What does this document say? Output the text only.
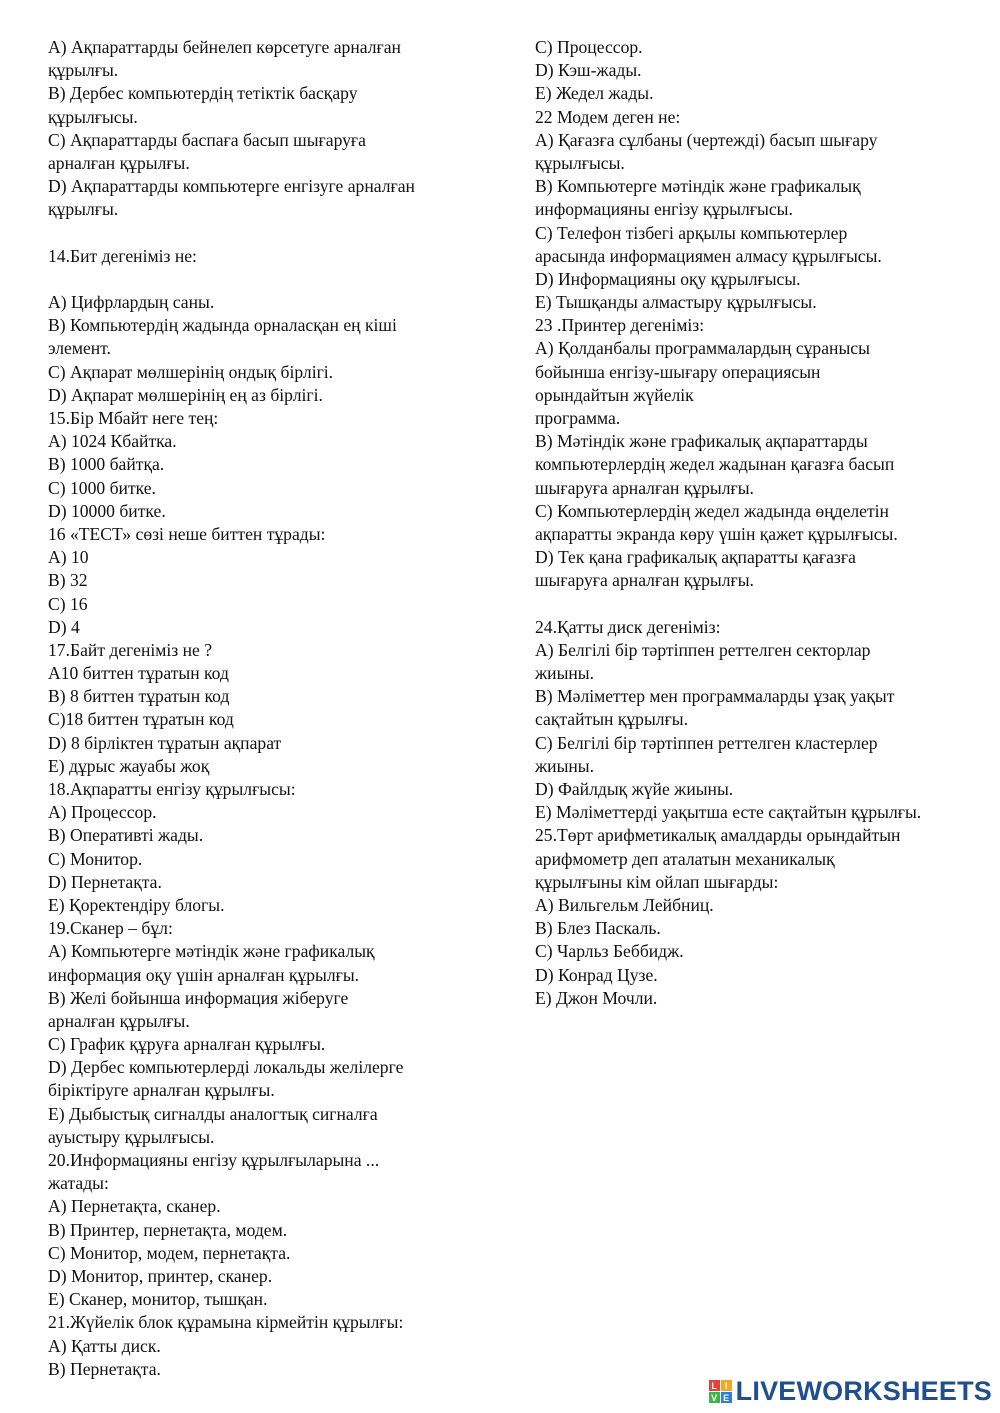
A) Ақпараттарды бейнелеп көрсетуге арналған
құрылғы.
B) Дербес компьютердің тетіктік басқару
құрылғысы.
C) Ақпараттарды баспаға басып шығаруға
арналған құрылғы.
D) Ақпараттарды компьютерге енгізуге арналған
құрылғы.
14.Бит дегеніміз не:
A) Цифрлардың саны.
B) Компьютердің жадында орналасқан ең кіші
элемент.
C) Ақпарат мөлшерінің ондық бірлігі.
D) Ақпарат мөлшерінің ең аз бірлігі.
15.Бір Мбайт неге тең:
A) 1024 Кбайтка.
B) 1000 байтқа.
C) 1000 битке.
D) 10000 битке.
16 «ТЕСТ» сөзі неше биттен тұрады:
A) 10
B) 32
C) 16
D) 4
17.Байт дегеніміз не ?
A10 биттен тұратын код
B) 8 биттен тұратын код
C)18 биттен тұратын код
D) 8 бірліктен тұратын ақпарат
E) дұрыс жауабы жоқ
18.Ақпаратты енгізу құрылғысы:
A) Процессор.
B) Оперативті жады.
C) Монитор.
D) Пернетақта.
E) Қоректендіру блогы.
19.Сканер – бұл:
A) Компьютерге мәтіндік және графикалық
информация оқу үшін арналған құрылғы.
B) Желі бойынша информация жіберуге
арналған құрылғы.
C) График құруға арналған құрылғы.
D) Дербес компьютерлерді локальды желілерге
біріктіруге арналған құрылғы.
E) Дыбыстық сигналды аналогтық сигналға
ауыстыру құрылғысы.
20.Информацияны енгізу құрылғыларына ...
жатады:
A) Пернетақта, сканер.
B) Принтер, пернетақта, модем.
C) Монитор, модем, пернетақта.
D) Монитор, принтер, сканер.
E) Сканер, монитор, тышқан.
21.Жүйелік блок құрамына кірмейтін құрылғы:
A) Қатты диск.
B) Пернетақта.
C) Процессор.
D) Кэш-жады.
E) Жедел жады.
22 Модем деген не:
A) Қағазға сұлбаны (чертежді) басып шығару
құрылғысы.
B) Компьютерге мәтіндік және графикалық
информацияны енгізу құрылғысы.
C) Телефон тізбегі арқылы компьютерлер
арасында информациямен алмасу құрылғысы.
D) Информацияны оқу құрылғысы.
E) Тышқанды алмастыру құрылғысы.
23 .Принтер дегеніміз:
A) Қолданбалы программалардың сұранысы
бойынша енгізу-шығару операциясын
орындайтын жүйелік
программа.
B) Мәтіндік және графикалық ақпараттарды
компьютерлердің жедел жадынан қағазға басып
шығаруға арналған құрылғы.
C) Компьютерлердің жедел жадында өңделетін
ақпаратты экранда көру үшін қажет құрылғысы.
D) Тек қана графикалық ақпаратты қағазға
шығаруға арналған құрылғы.
24.Қатты диск дегеніміз:
A) Белгілі бір тәртіппен реттелген секторлар
жиыны.
B) Мәліметтер мен программаларды ұзақ уақыт
сақтайтын құрылғы.
C) Белгілі бір тәртіппен реттелген кластерлер
жиыны.
D) Файлдық жүйе жиыны.
E) Мәліметтерді уақытша есте сақтайтын құрылғы.
25.Төрт арифметикалық амалдарды орындайтын
арифмометр деп аталатын механикалық
құрылғыны кім ойлап шығарды:
A) Вильгельм Лейбниц.
B) Блез Паскаль.
C) Чарльз Беббидж.
D) Конрад Цузе.
E) Джон Мочли.
L I
V E LIVEWORKSHEETS
